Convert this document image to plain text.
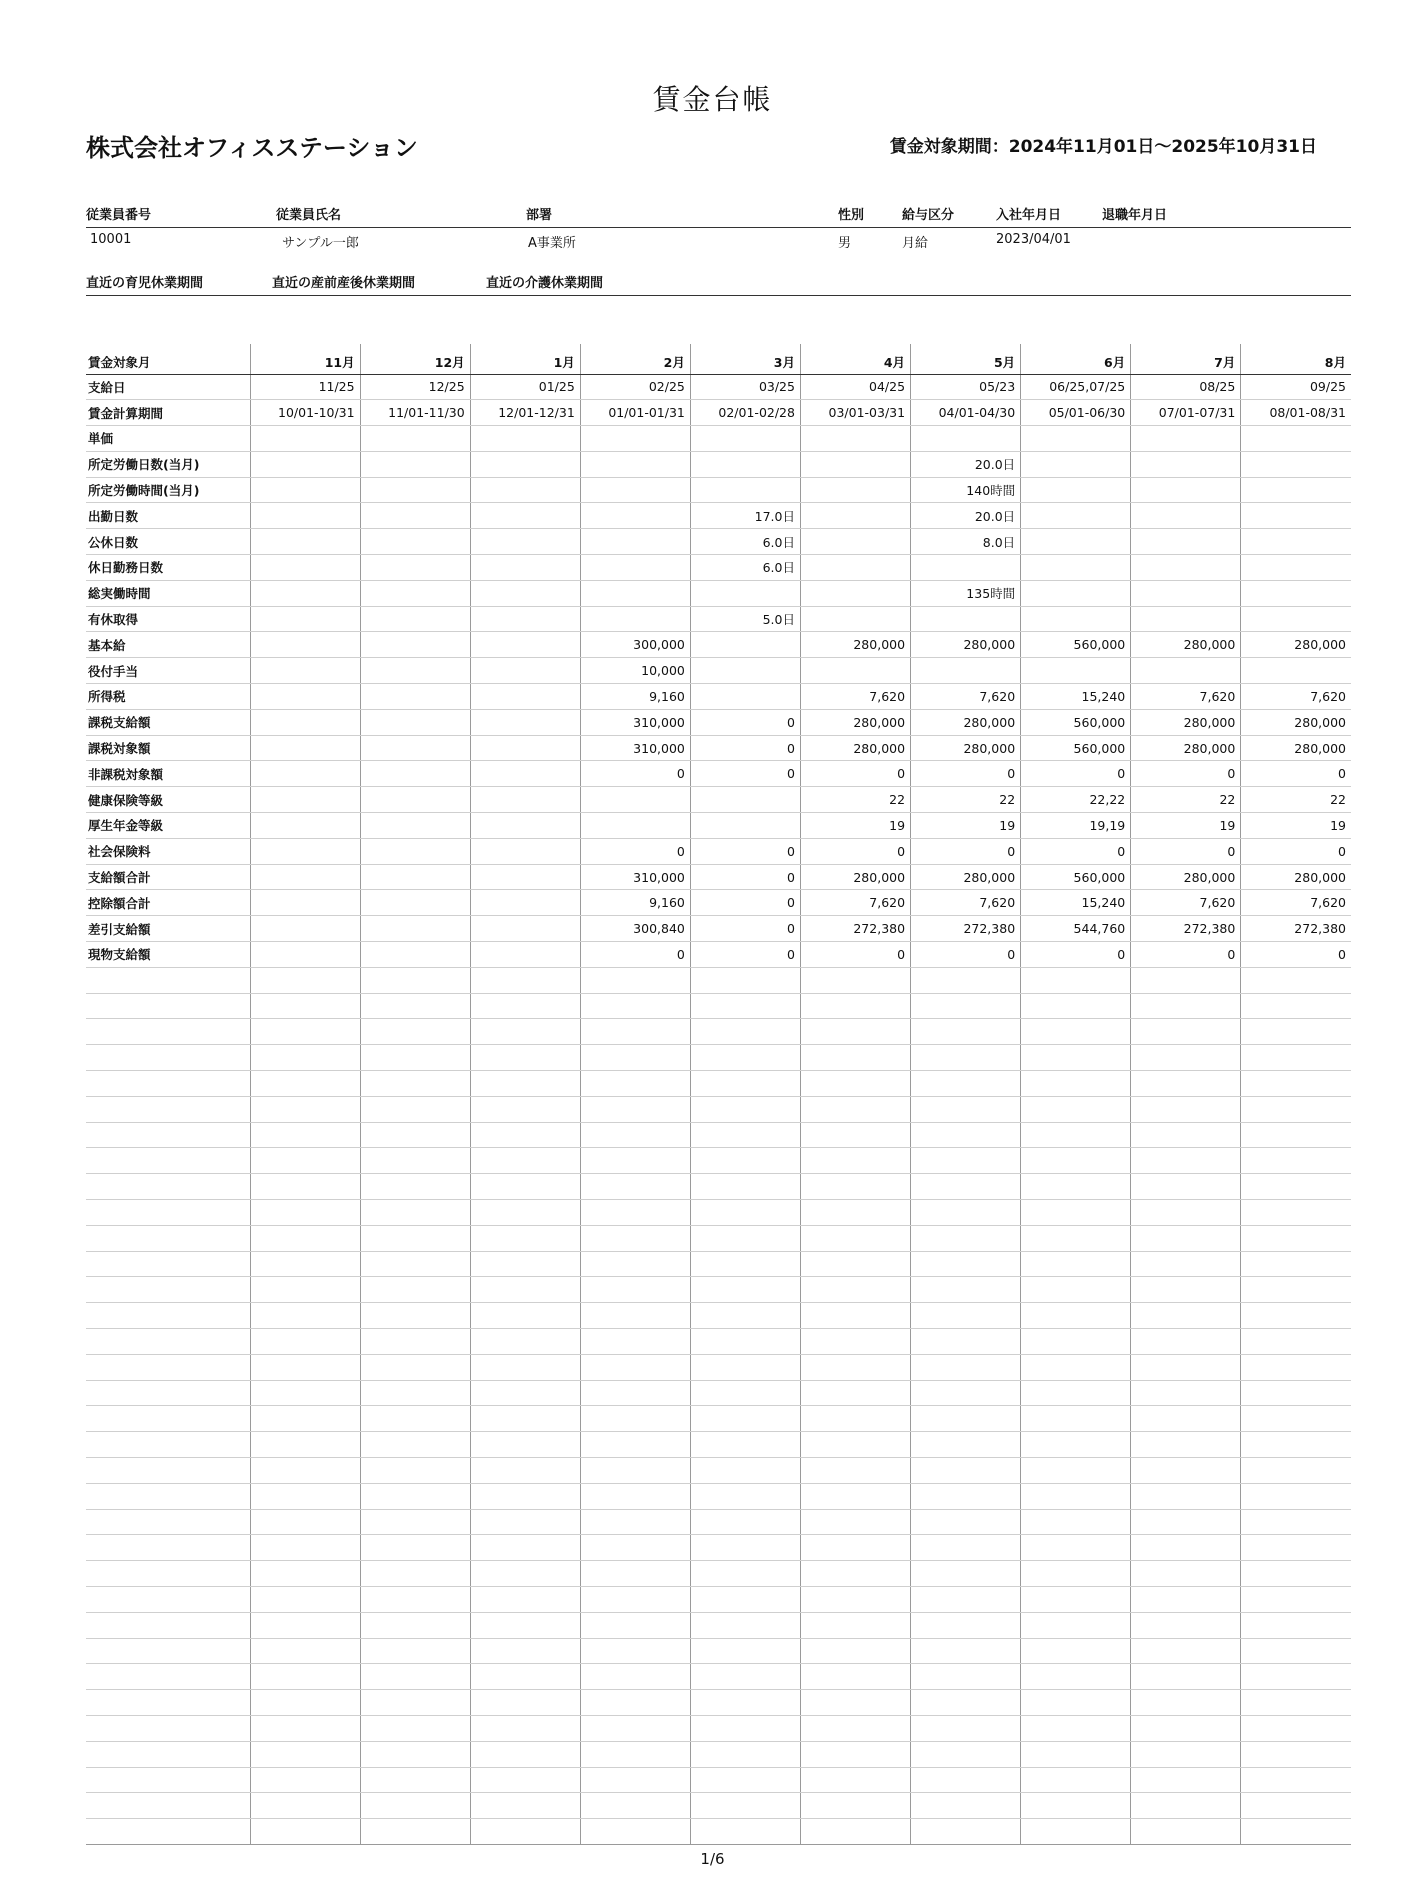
賃金台帳
株式会社オフィスステーション	賃金対象期間：2024年11月01日～2025年10月31日
従業員番号	従業員氏名	部署	性別	給与区分	入社年月日	退職年月日
10001	サンプル一郎	A事業所	男	月給	2023/04/01
直近の育児休業期間	直近の産前産後休業期間	直近の介護休業期間
賃金対象月	11月	12月	1月	2月	3月	4月	5月	6月	7月	8月
支給日	11/25	12/25	01/25	02/25	03/25	04/25	05/23	06/25,07/25	08/25	09/25
賃金計算期間	10/01-10/31	11/01-11/30	12/01-12/31	01/01-01/31	02/01-02/28	03/01-03/31	04/01-04/30	05/01-06/30	07/01-07/31	08/01-08/31
単価										
所定労働日数(当月)							20.0日			
所定労働時間(当月)							140時間			
出勤日数					17.0日		20.0日			
公休日数					6.0日		8.0日			
休日勤務日数					6.0日					
総実働時間							135時間			
有休取得					5.0日					
基本給				300,000		280,000	280,000	560,000	280,000	280,000
役付手当				10,000						
所得税				9,160		7,620	7,620	15,240	7,620	7,620
課税支給額				310,000	0	280,000	280,000	560,000	280,000	280,000
課税対象額				310,000	0	280,000	280,000	560,000	280,000	280,000
非課税対象額				0	0	0	0	0	0	0
健康保険等級						22	22	22,22	22	22
厚生年金等級						19	19	19,19	19	19
社会保険料				0	0	0	0	0	0	0
支給額合計				310,000	0	280,000	280,000	560,000	280,000	280,000
控除額合計				9,160	0	7,620	7,620	15,240	7,620	7,620
差引支給額				300,840	0	272,380	272,380	544,760	272,380	272,380
現物支給額				0	0	0	0	0	0	0

1/6
